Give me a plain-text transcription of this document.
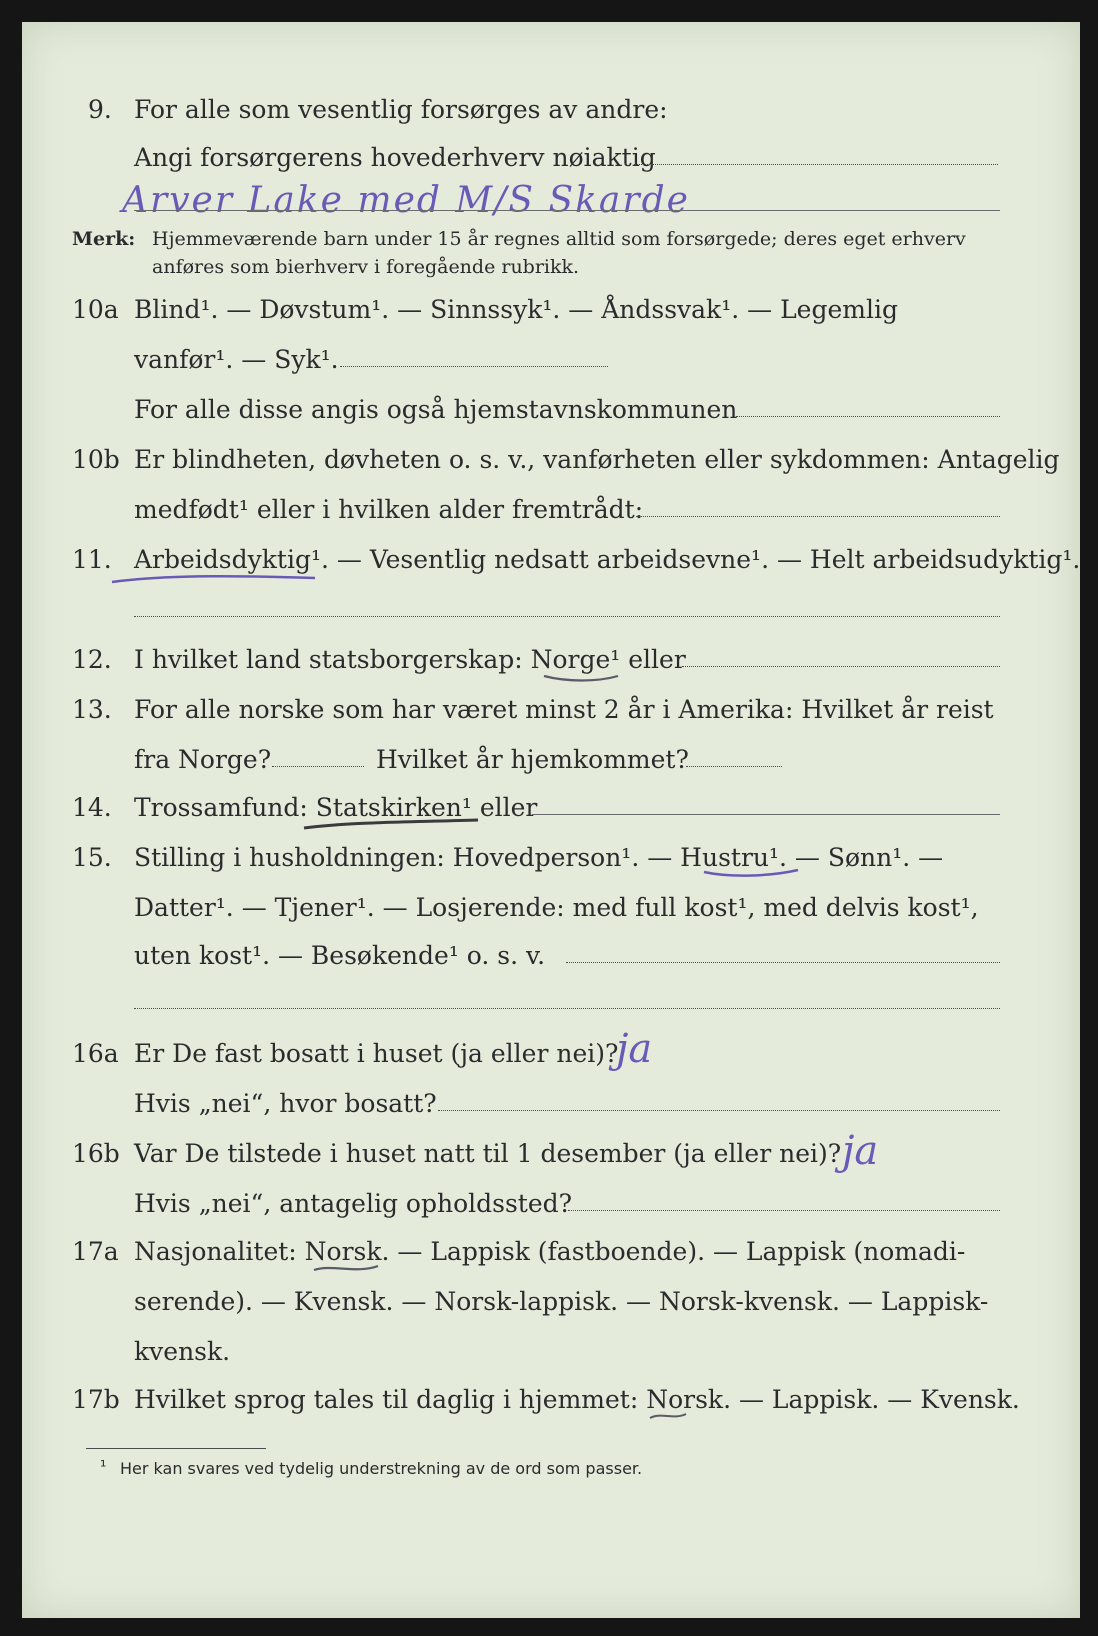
9. For alle som vesentlig forsørges av andre:
Angi forsørgerens hovederhverv nøiaktig
Arver Lake med M/S Skarde
Merk: Hjemmeværende barn under 15 år regnes alltid som forsørgede; deres eget erhverv
anføres som bierhverv i foregående rubrikk.
10a Blind¹. — Døvstum¹. — Sinnssyk¹. — Åndssvak¹. — Legemlig
vanfør¹. — Syk¹.
For alle disse angis også hjemstavnskommunen
10b Er blindheten, døvheten o. s. v., vanførheten eller sykdommen: Antagelig
medfødt¹ eller i hvilken alder fremtrådt:
11. Arbeidsdyktig¹. — Vesentlig nedsatt arbeidsevne¹. — Helt arbeidsudyktig¹.
12. I hvilket land statsborgerskap: Norge¹ eller
13. For alle norske som har været minst 2 år i Amerika: Hvilket år reist
fra Norge?	Hvilket år hjemkommet?
14. Trossamfund: Statskirken¹ eller
15. Stilling i husholdningen: Hovedperson¹. — Hustru¹. — Sønn¹. —
Datter¹. — Tjener¹. — Losjerende: med full kost¹, med delvis kost¹,
uten kost¹. — Besøkende¹ o. s. v.
16a Er De fast bosatt i huset (ja eller nei)?
ja
Hvis „nei“, hvor bosatt?
16b Var De tilstede i huset natt til 1 desember (ja eller nei)? ja
Hvis „nei“, antagelig opholdssted?
17a Nasjonalitet: Norsk. — Lappisk (fastboende). — Lappisk (nomadi-
serende). — Kvensk. — Norsk-lappisk. — Norsk-kvensk. — Lappisk-
kvensk.
17b Hvilket sprog tales til daglig i hjemmet: Norsk. — Lappisk. — Kvensk.
¹ Her kan svares ved tydelig understrekning av de ord som passer.
